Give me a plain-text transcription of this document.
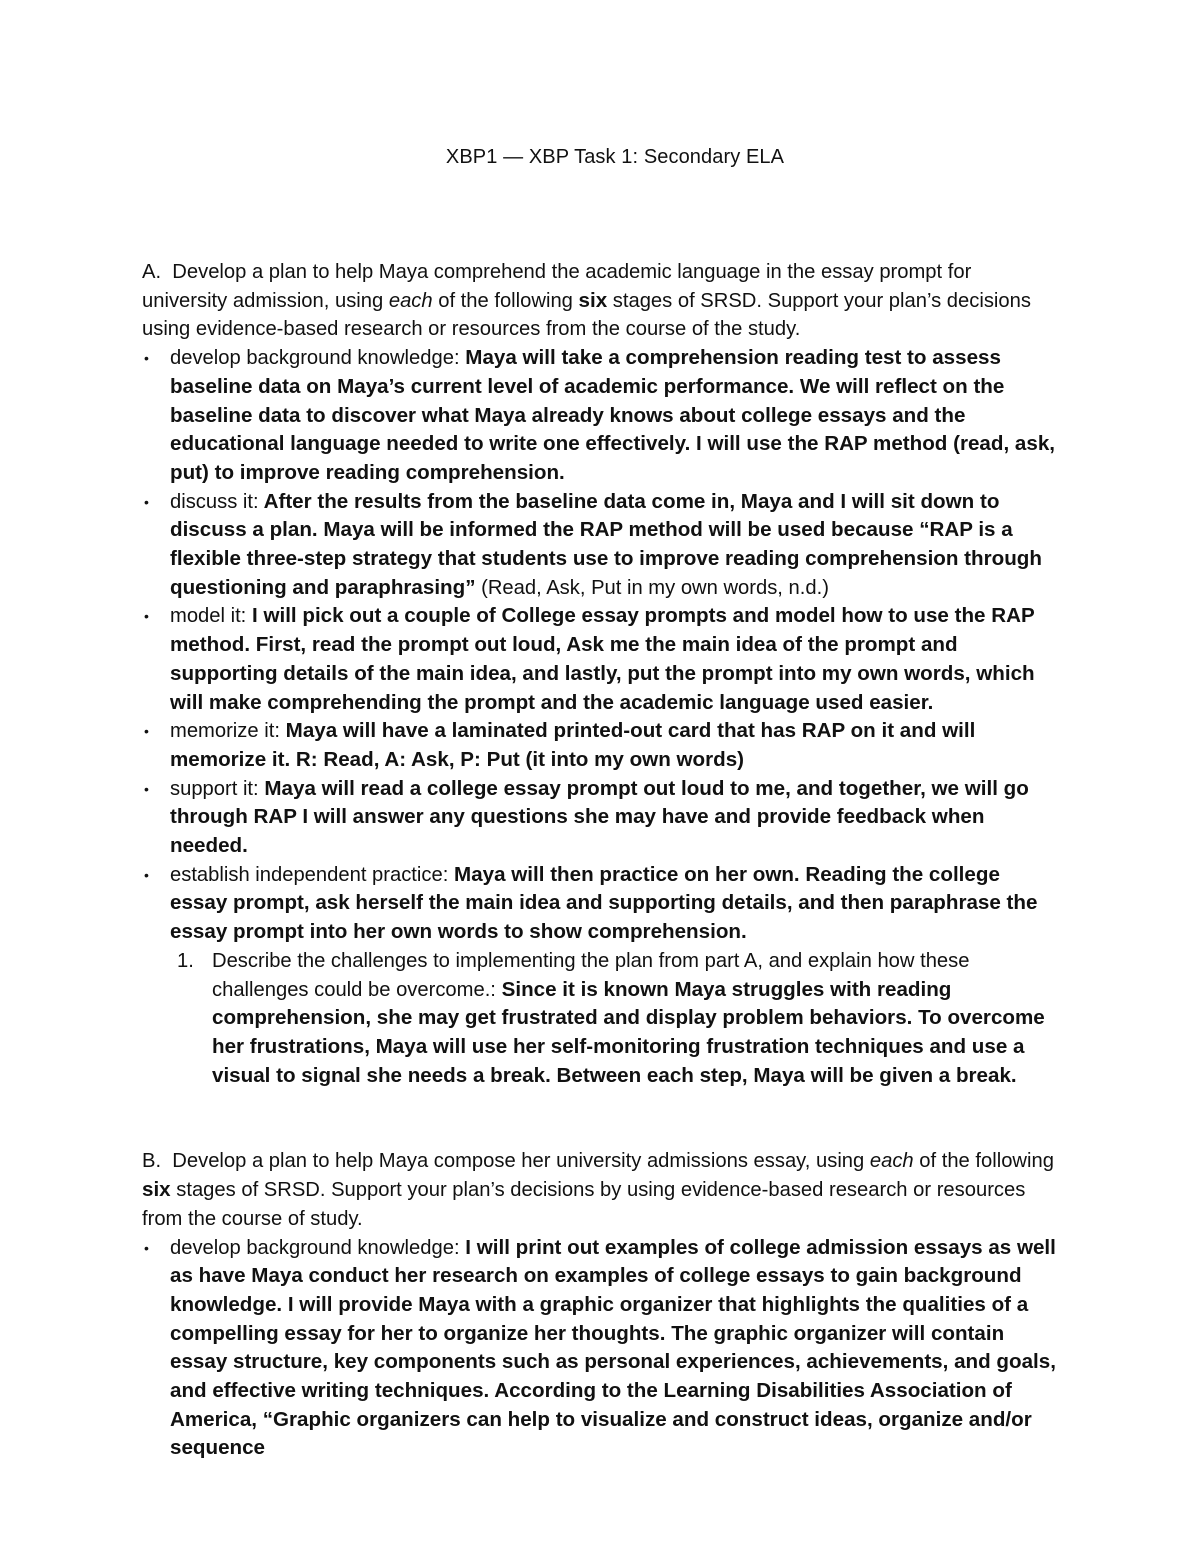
XBP1 — XBP Task 1: Secondary ELA

A. Develop a plan to help Maya comprehend the academic language in the essay prompt for university admission, using each of the following six stages of SRSD. Support your plan’s decisions using evidence-based research or resources from the course of the study.

• develop background knowledge: Maya will take a comprehension reading test to assess baseline data on Maya’s current level of academic performance. We will reflect on the baseline data to discover what Maya already knows about college essays and the educational language needed to write one effectively. I will use the RAP method (read, ask, put) to improve reading comprehension.

• discuss it: After the results from the baseline data come in, Maya and I will sit down to discuss a plan. Maya will be informed the RAP method will be used because “RAP is a flexible three-step strategy that students use to improve reading comprehension through questioning and paraphrasing” (Read, Ask, Put in my own words, n.d.)

• model it: I will pick out a couple of College essay prompts and model how to use the RAP method. First, read the prompt out loud, Ask me the main idea of the prompt and supporting details of the main idea, and lastly, put the prompt into my own words, which will make comprehending the prompt and the academic language used easier.

• memorize it: Maya will have a laminated printed-out card that has RAP on it and will memorize it. R: Read, A: Ask, P: Put (it into my own words)

• support it: Maya will read a college essay prompt out loud to me, and together, we will go through RAP I will answer any questions she may have and provide feedback when needed.

• establish independent practice: Maya will then practice on her own. Reading the college essay prompt, ask herself the main idea and supporting details, and then paraphrase the essay prompt into her own words to show comprehension.

1. Describe the challenges to implementing the plan from part A, and explain how these challenges could be overcome.: Since it is known Maya struggles with reading comprehension, she may get frustrated and display problem behaviors. To overcome her frustrations, Maya will use her self-monitoring frustration techniques and use a visual to signal she needs a break. Between each step, Maya will be given a break.

B. Develop a plan to help Maya compose her university admissions essay, using each of the following six stages of SRSD. Support your plan’s decisions by using evidence-based research or resources from the course of study.

• develop background knowledge: I will print out examples of college admission essays as well as have Maya conduct her research on examples of college essays to gain background knowledge. I will provide Maya with a graphic organizer that highlights the qualities of a compelling essay for her to organize her thoughts. The graphic organizer will contain essay structure, key components such as personal experiences, achievements, and goals, and effective writing techniques. According to the Learning Disabilities Association of America, “Graphic organizers can help to visualize and construct ideas, organize and/or sequence
